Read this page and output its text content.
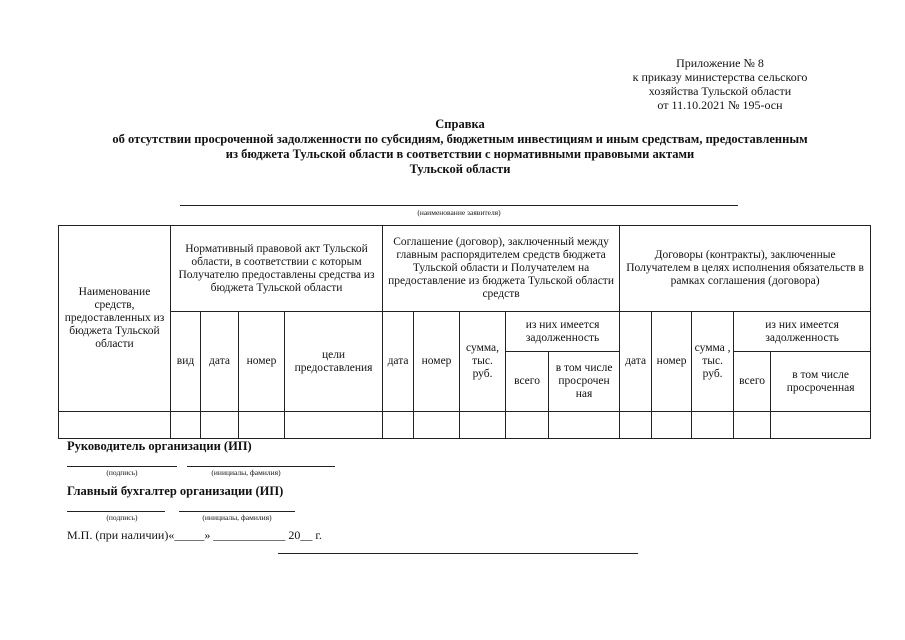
Приложение № 8
к приказу министерства сельского
хозяйства Тульской области
от 11.10.2021 № 195-осн
Справка
об отсутствии просроченной задолженности по субсидиям, бюджетным инвестициям и иным средствам, предоставленным
из бюджета Тульской области в соответствии с нормативными правовыми актами
Тульской области
(наименование заявителя)
Наименование средств, предоставленных из бюджета Тульской области	Нормативный правовой акт Тульской области, в соответствии с которым Получателю предоставлены средства из бюджета Тульской области				Соглашение (договор), заключенный между главным распорядителем средств бюджета Тульской области и Получателем на предоставление из бюджета Тульской области средств					Договоры (контракты), заключенные Получателем в целях исполнения обязательств в рамках соглашения (договора)				
	вид	дата	номер	цели предоставления	дата	номер	сумма, тыс. руб.	из них имеется задолженность		дата	номер	сумма , тыс. руб.	из них имеется задолженность	
								всего	в том числе просрочен ная				всего	в том числе просроченная

Руководитель организации (ИП)
(подпись)	(инициалы, фамилия)
Главный бухгалтер организации (ИП)
(подпись)	(инициалы, фамилия)
М.П. (при наличии)«_____» ____________ 20__ г.
